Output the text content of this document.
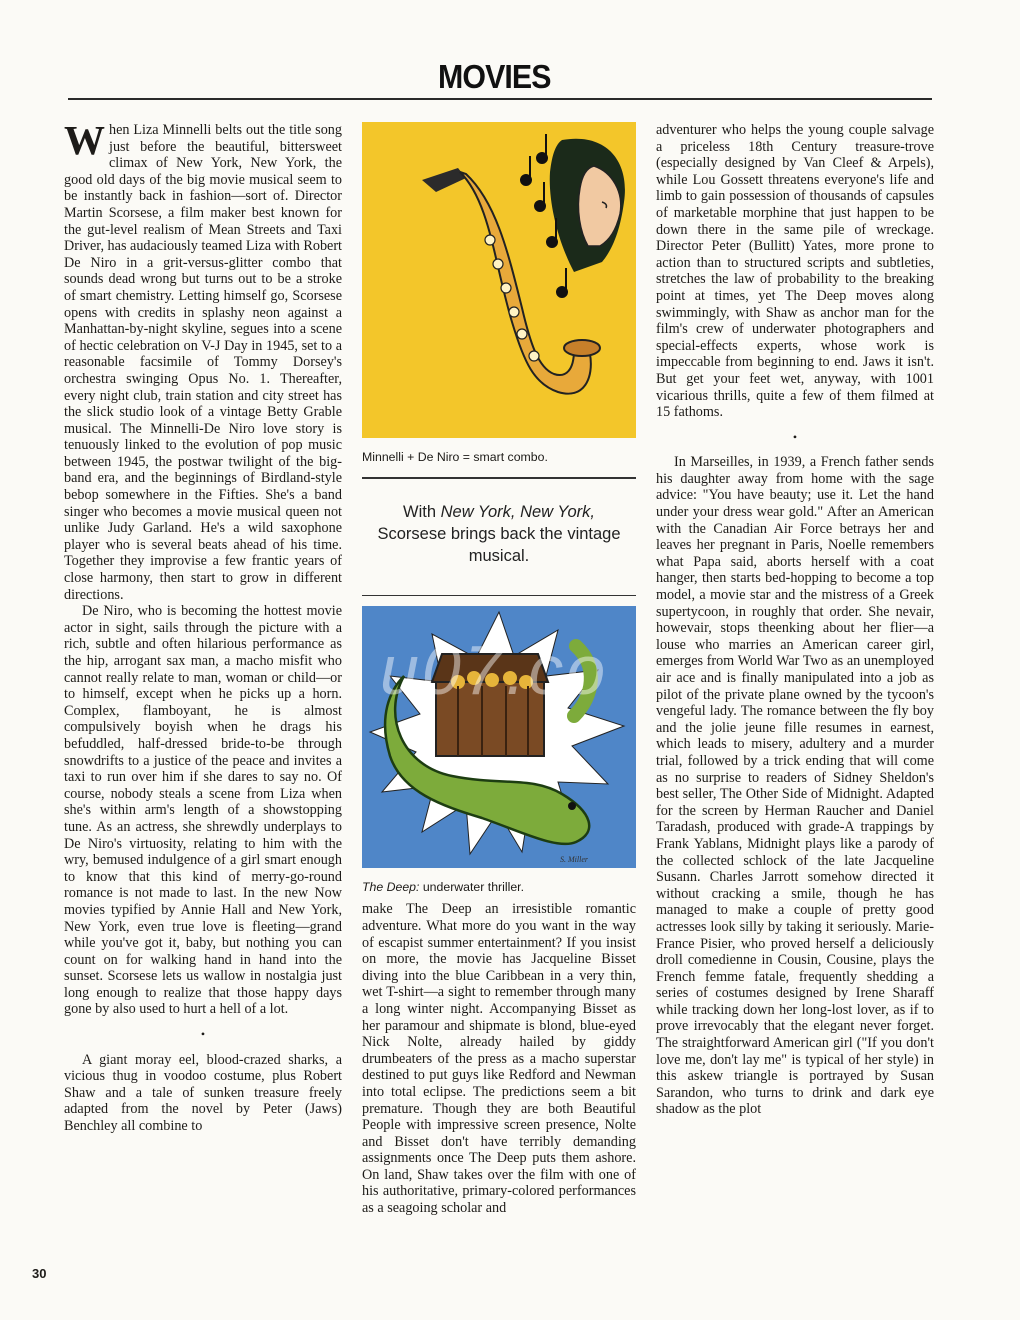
MOVIES

When Liza Minnelli belts out the title song just before the beautiful, bittersweet climax of New York, New York, the good old days of the big movie musical seem to be instantly back in fashion—sort of. Director Martin Scorsese, a film maker best known for the gut-level realism of Mean Streets and Taxi Driver, has audaciously teamed Liza with Robert De Niro in a grit-versus-glitter combo that sounds dead wrong but turns out to be a stroke of smart chemistry. Letting himself go, Scorsese opens with credits in splashy neon against a Manhattan-by-night skyline, segues into a scene of hectic celebration on V-J Day in 1945, set to a reasonable facsimile of Tommy Dorsey's orchestra swinging Opus No. 1. Thereafter, every night club, train station and city street has the slick studio look of a vintage Betty Grable musical. The Minnelli-De Niro love story is tenuously linked to the evolution of pop music between 1945, the postwar twilight of the big-band era, and the beginnings of Birdland-style bebop somewhere in the Fifties. She's a band singer who becomes a movie musical queen not unlike Judy Garland. He's a wild saxophone player who is several beats ahead of his time. Together they improvise a few frantic years of close harmony, then start to grow in different directions.

De Niro, who is becoming the hottest movie actor in sight, sails through the picture with a rich, subtle and often hilarious performance as the hip, arrogant sax man, a macho misfit who cannot really relate to man, woman or child—or to himself, except when he picks up a horn. Complex, flamboyant, he is almost compulsively boyish when he drags his befuddled, half-dressed bride-to-be through snowdrifts to a justice of the peace and invites a taxi to run over him if she dares to say no. Of course, nobody steals a scene from Liza when she's within arm's length of a showstopping tune. As an actress, she shrewdly underplays to De Niro's virtuosity, relating to him with the wry, bemused indulgence of a girl smart enough to know that this kind of merry-go-round romance is not made to last. In the new Now movies typified by Annie Hall and New York, New York, even true love is fleeting—grand while you've got it, baby, but nothing you can count on for walking hand in hand into the sunset. Scorsese lets us wallow in nostalgia just long enough to realize that those happy days gone by also used to hurt a hell of a lot.

•

A giant moray eel, blood-crazed sharks, a vicious thug in voodoo costume, plus Robert Shaw and a tale of sunken treasure freely adapted from the novel by Peter (Jaws) Benchley all combine to

Minnelli + De Niro = smart combo.
With New York, New York,
Scorsese brings back the vintage musical.
S. Miller
The Deep: underwater thriller.

make The Deep an irresistible romantic adventure. What more do you want in the way of escapist summer entertainment? If you insist on more, the movie has Jacqueline Bisset diving into the blue Caribbean in a very thin, wet T-shirt—a sight to remember through many a long winter night. Accompanying Bisset as her paramour and shipmate is blond, blue-eyed Nick Nolte, already hailed by giddy drumbeaters of the press as a macho superstar destined to put guys like Redford and Newman into total eclipse. The predictions seem a bit premature. Though they are both Beautiful People with impressive screen presence, Nolte and Bisset don't have terribly demanding assignments once The Deep puts them ashore. On land, Shaw takes over the film with one of his authoritative, primary-colored performances as a seagoing scholar and

u07.co

adventurer who helps the young couple salvage a priceless 18th Century treasure-trove (especially designed by Van Cleef & Arpels), while Lou Gossett threatens everyone's life and limb to gain possession of thousands of capsules of marketable morphine that just happen to be down there in the same pile of wreckage. Director Peter (Bullitt) Yates, more prone to action than to structured scripts and subtleties, stretches the law of probability to the breaking point at times, yet The Deep moves along swimmingly, with Shaw as anchor man for the film's crew of underwater photographers and special-effects experts, whose work is impeccable from beginning to end. Jaws it isn't. But get your feet wet, anyway, with 1001 vicarious thrills, quite a few of them filmed at 15 fathoms.

•

In Marseilles, in 1939, a French father sends his daughter away from home with the sage advice: "You have beauty; use it. Let the hand under your dress wear gold." After an American with the Canadian Air Force betrays her and leaves her pregnant in Paris, Noelle remembers what Papa said, aborts herself with a coat hanger, then starts bed-hopping to become a top model, a movie star and the mistress of a Greek supertycoon, in roughly that order. She nevair, howevair, stops theenking about her flier—a louse who marries an American career girl, emerges from World War Two as an unemployed air ace and is finally manipulated into a job as pilot of the private plane owned by the tycoon's vengeful lady. The romance between the fly boy and the jolie jeune fille resumes in earnest, which leads to misery, adultery and a murder trial, followed by a trick ending that will come as no surprise to readers of Sidney Sheldon's best seller, The Other Side of Midnight. Adapted for the screen by Herman Raucher and Daniel Taradash, produced with grade-A trappings by Frank Yablans, Midnight plays like a parody of the collected schlock of the late Jacqueline Susann. Charles Jarrott somehow directed it without cracking a smile, though he has managed to make a couple of pretty good actresses look silly by taking it seriously. Marie-France Pisier, who proved herself a deliciously droll comedienne in Cousin, Cousine, plays the French femme fatale, frequently shedding a series of costumes designed by Irene Sharaff while tracking down her long-lost lover, as if to prove irrevocably that the elegant never forget. The straightforward American girl ("If you don't love me, don't lay me" is typical of her style) in this askew triangle is portrayed by Susan Sarandon, who turns to drink and dark eye shadow as the plot

30
